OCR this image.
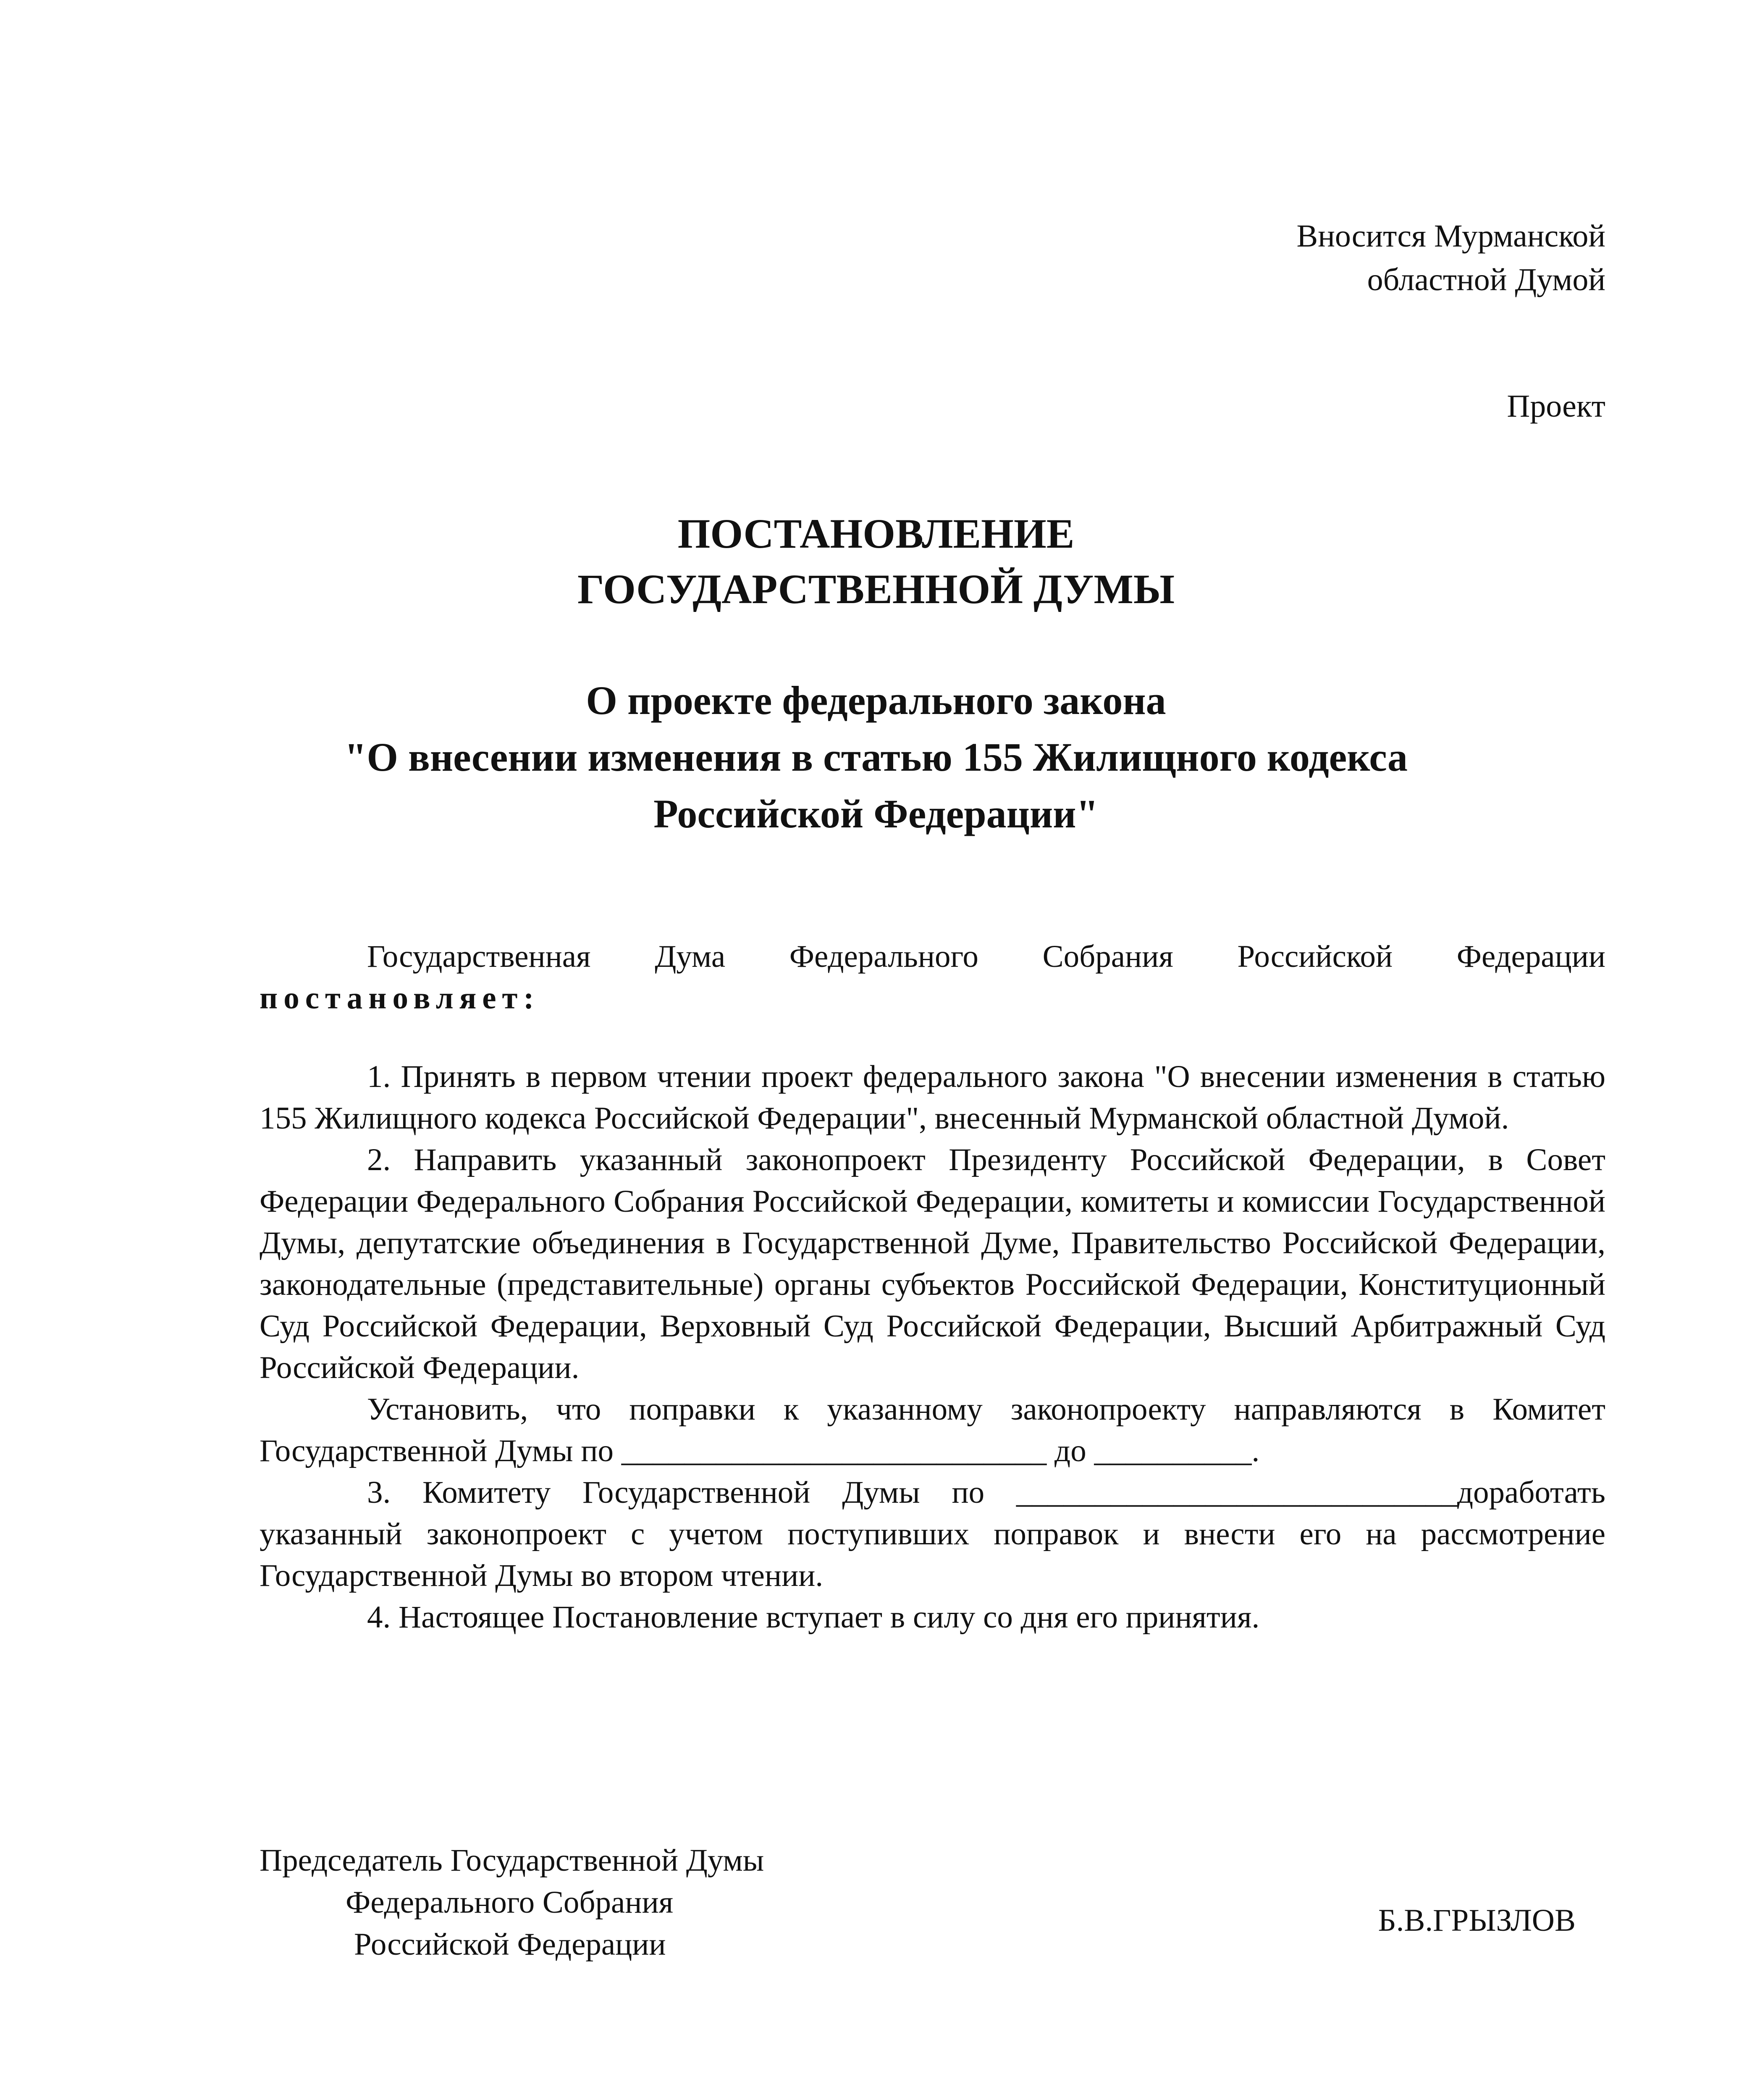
Вносится Мурманской
областной Думой
Проект
ПОСТАНОВЛЕНИЕ
ГОСУДАРСТВЕННОЙ ДУМЫ
О проекте федерального закона
"О внесении изменения в статью 155 Жилищного кодекса
Российской Федерации"

Государственная Дума Федерального Собрания Российской Федерации

постановляет:

1. Принять в первом чтении проект федерального закона "О внесении изменения в статью 155 Жилищного кодекса Российской Федерации", внесенный Мурманской областной Думой.

2. Направить указанный законопроект Президенту Российской Федерации, в Совет Федерации Федерального Собрания Российской Федерации, комитеты и комиссии Государственной Думы, депутатские объединения в Государственной Думе, Правительство Российской Федерации, законодательные (представительные) органы субъектов Российской Федерации, Конституционный Суд Российской Федерации, Верховный Суд Российской Федерации, Высший Арбитражный Суд Российской Федерации.

Установить, что поправки к указанному законопроекту направляются в Комитет Государственной Думы по ___________________________ до __________.

3. Комитету Государственной Думы по ____________________________доработать указанный законопроект с учетом поступивших поправок и внести его на рассмотрение Государственной Думы во втором чтении.

4. Настоящее Постановление вступает в силу со дня его принятия.

Председатель Государственной Думы
Федерального Собрания
Российской Федерации
Б.В.ГРЫЗЛОВ
